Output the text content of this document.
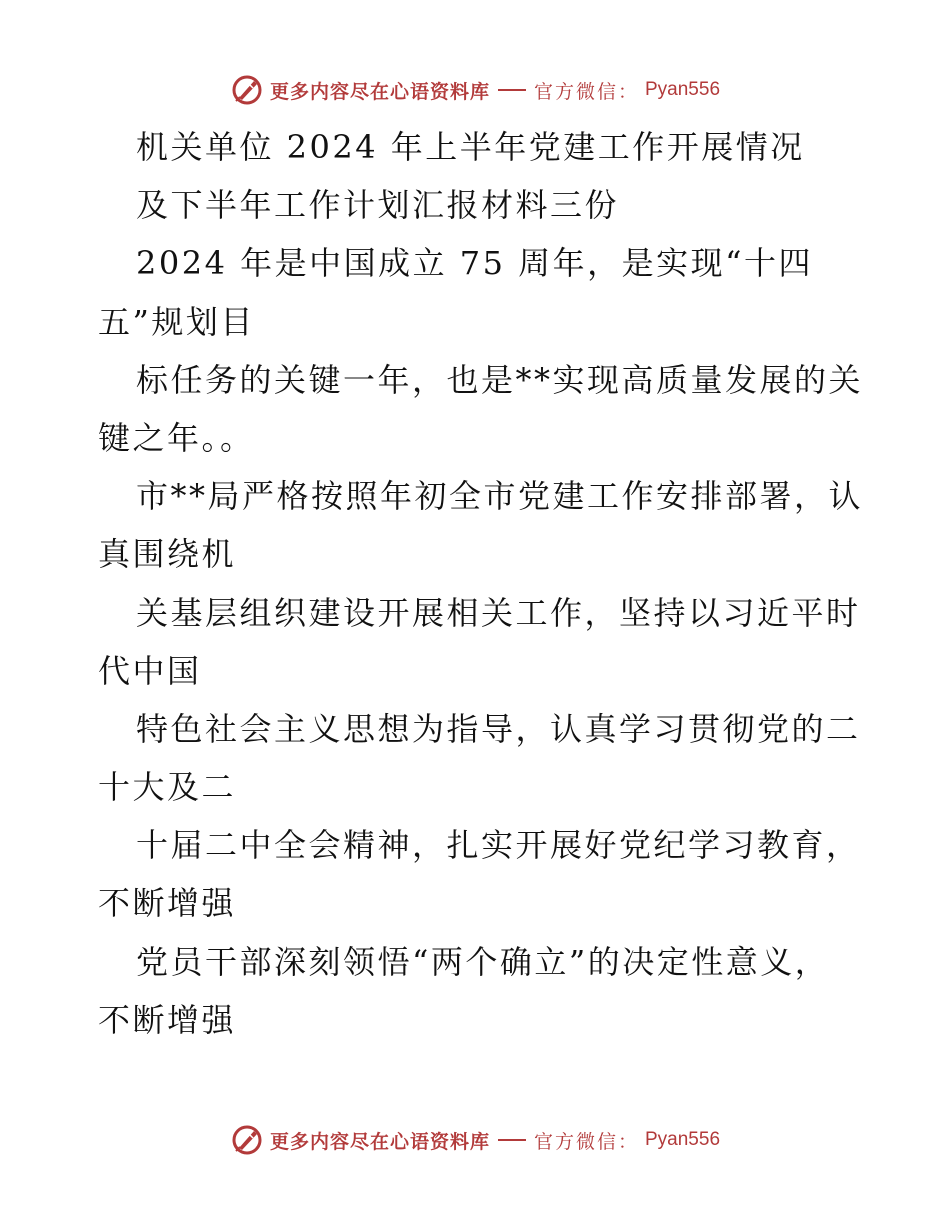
更多内容尽在心语资料库 官方微信： Pyan556
机关单位 2024 年上半年党建工作开展情况
及下半年工作计划汇报材料三份
2024 年是中国成立 75 周年，是实现“十四
五”规划目
标任务的关键一年，也是**实现高质量发展的关
键之年。。
市**局严格按照年初全市党建工作安排部署，认
真围绕机
关基层组织建设开展相关工作，坚持以习近平时
代中国
特色社会主义思想为指导，认真学习贯彻党的二
十大及二
十届二中全会精神，扎实开展好党纪学习教育，
不断增强
党员干部深刻领悟“两个确立”的决定性意义，
不断增强
更多内容尽在心语资料库 官方微信： Pyan556
